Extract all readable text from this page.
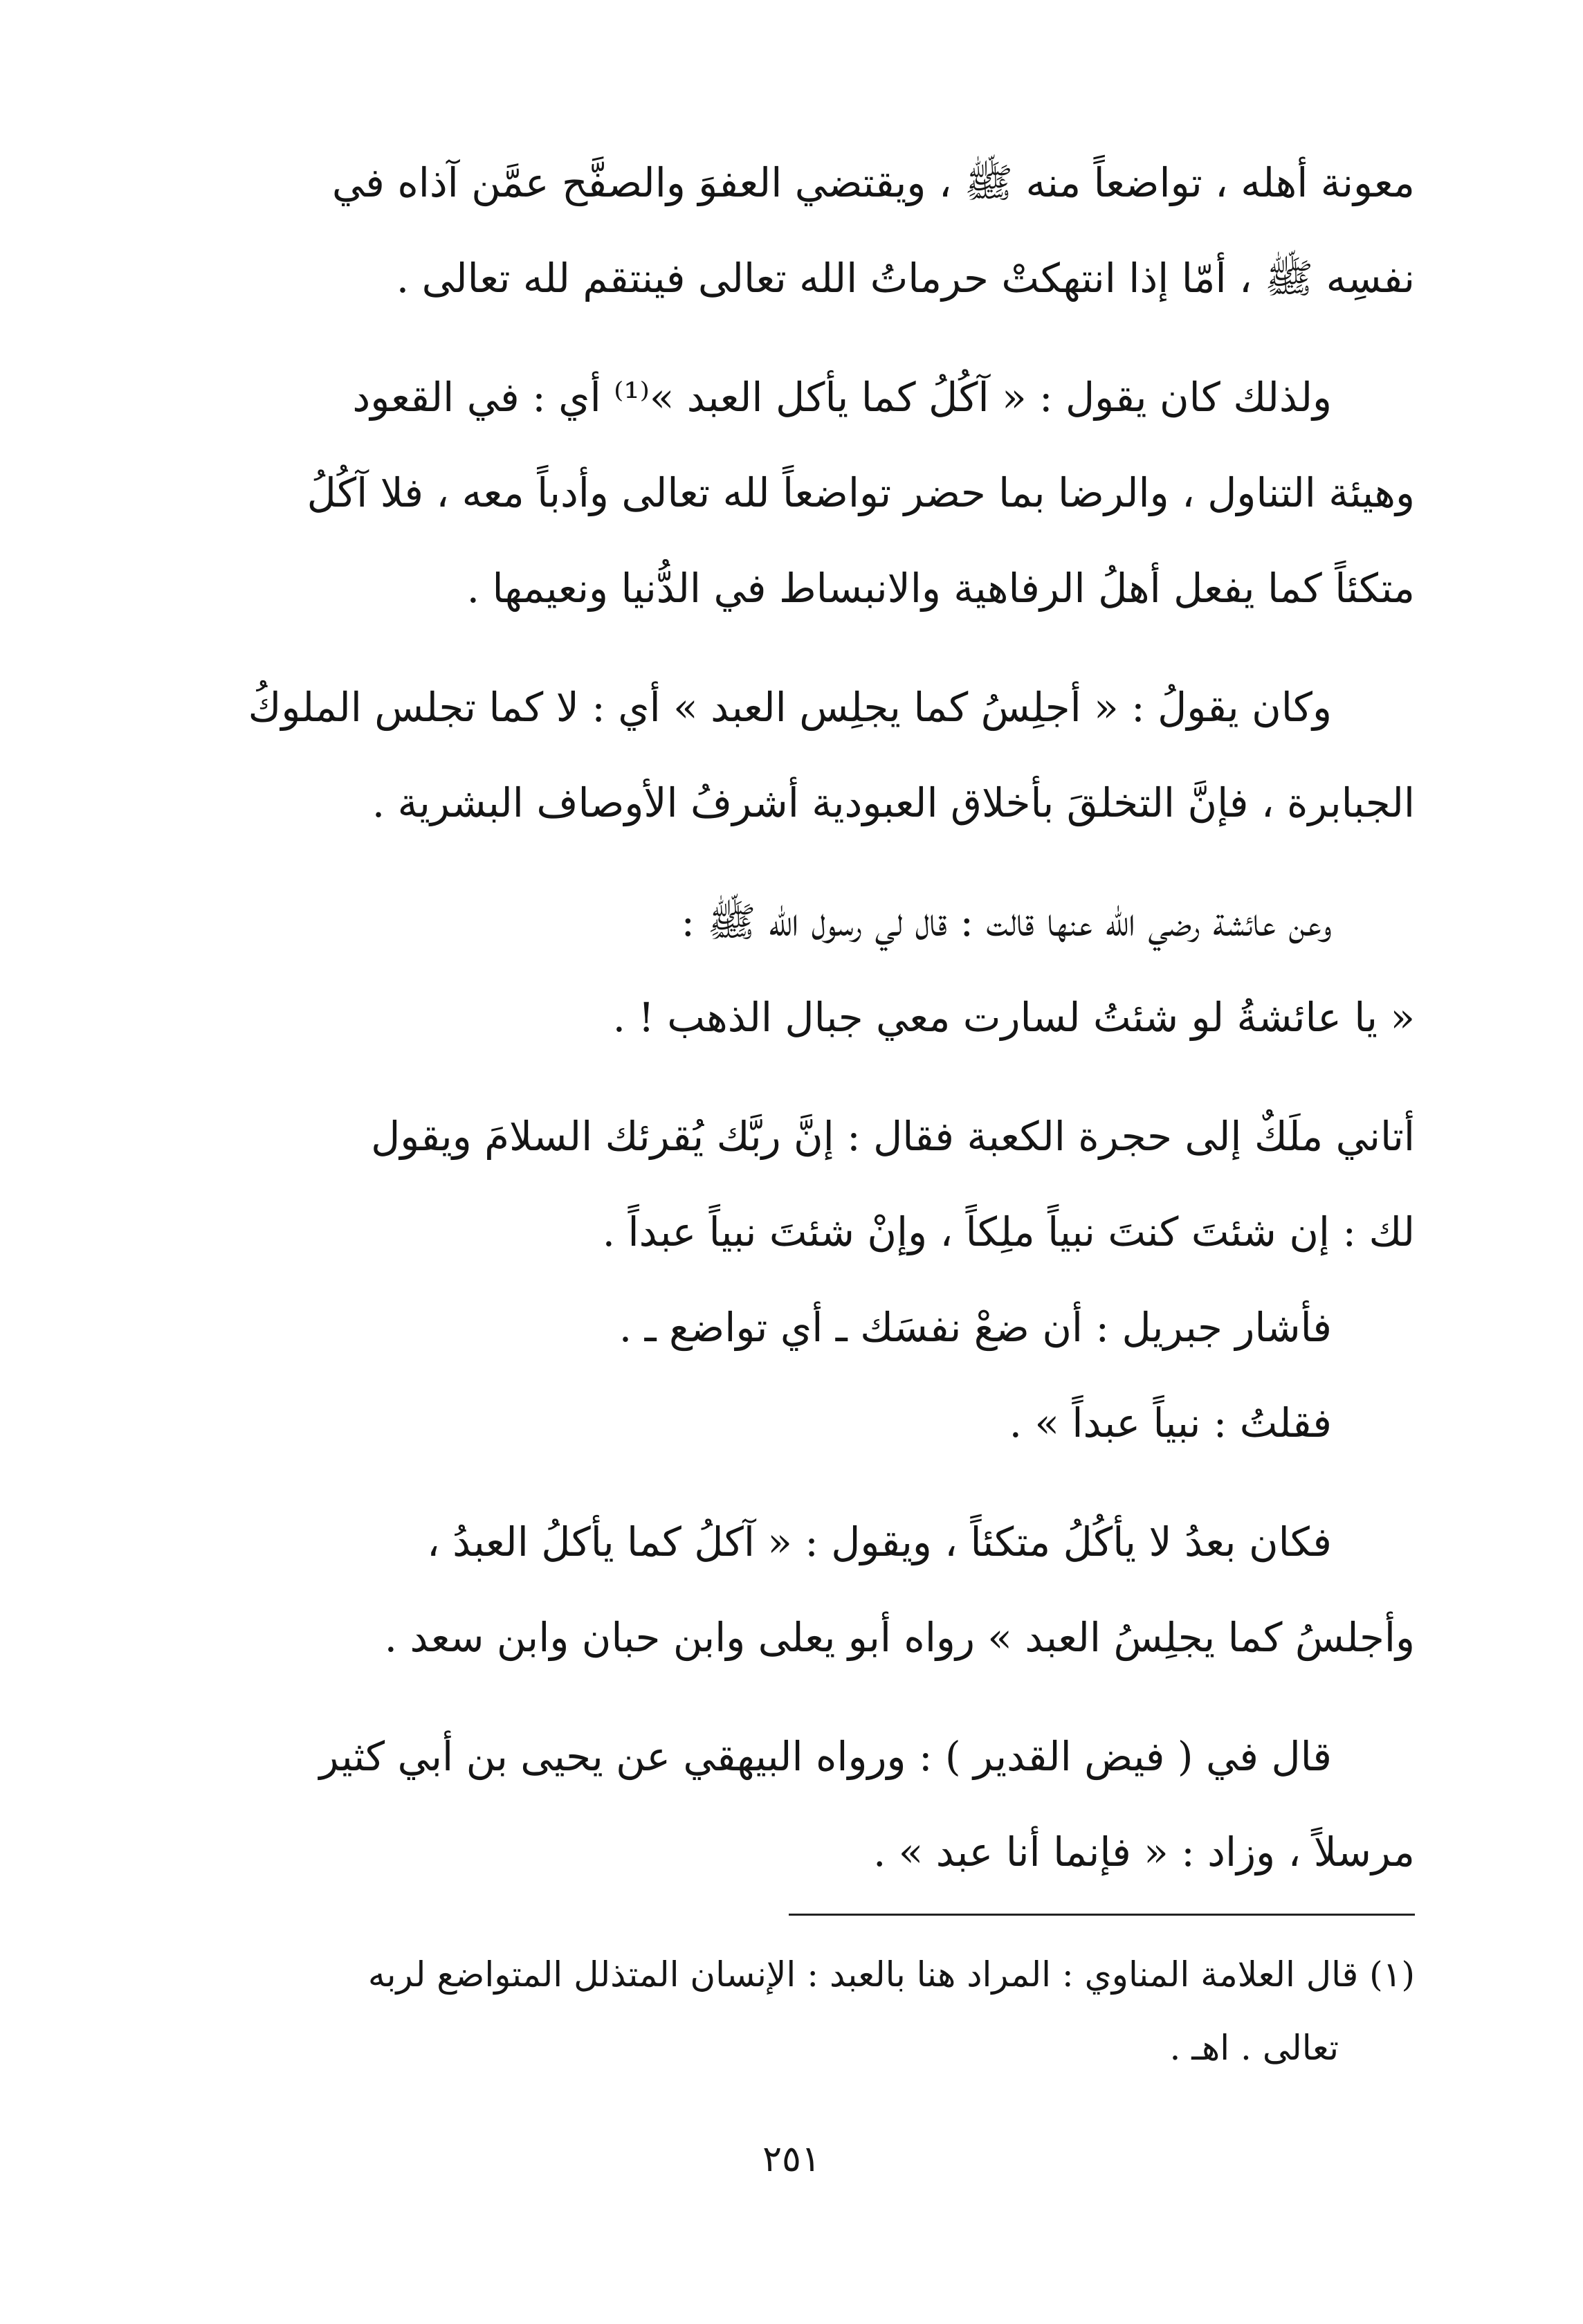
معونة أهله ، تواضعاً منه ﷺ ، ويقتضي العفوَ والصفَّح عمَّن آذاه في
نفسِه ﷺ ، أمّا إذا انتهكتْ حرماتُ الله تعالى فينتقم لله تعالى .

ولذلك كان يقول : « آكُلُ كما يأكل العبد »⁽¹⁾ أي : في القعود
وهيئة التناول ، والرضا بما حضر تواضعاً لله تعالى وأدباً معه ، فلا آكُلُ
متكئاً كما يفعل أهلُ الرفاهية والانبساط في الدُّنيا ونعيمها .

وكان يقولُ : « أجلِسُ كما يجلِس العبد » أي : لا كما تجلس الملوكُ
الجبابرة ، فإنَّ التخلقَ بأخلاق العبودية أشرفُ الأوصاف البشرية .

وعن عائشة رضي الله عنها قالت : قال لي رسول الله ﷺ :
« يا عائشةُ لو شئتُ لسارت معي جبال الذهب ! .

أتاني ملَكٌ إلى حجرة الكعبة فقال : إنَّ ربَّك يُقرئك السلامَ ويقول
لك : إن شئتَ كنتَ نبياً ملِكاً ، وإنْ شئتَ نبياً عبداً .
فأشار جبريل : أن ضعْ نفسَك ـ أي تواضع ـ .
فقلتُ : نبياً عبداً » .

فكان بعدُ لا يأكُلُ متكئاً ، ويقول : « آكلُ كما يأكلُ العبدُ ،
وأجلسُ كما يجلِسُ العبد » رواه أبو يعلى وابن حبان وابن سعد .

قال في ( فيض القدير ) : ورواه البيهقي عن يحيى بن أبي كثير
مرسلاً ، وزاد : « فإنما أنا عبد » .

(١) قال العلامة المناوي : المراد هنا بالعبد : الإنسان المتذلل المتواضع لربه
تعالى . اهـ .
٢٥١
